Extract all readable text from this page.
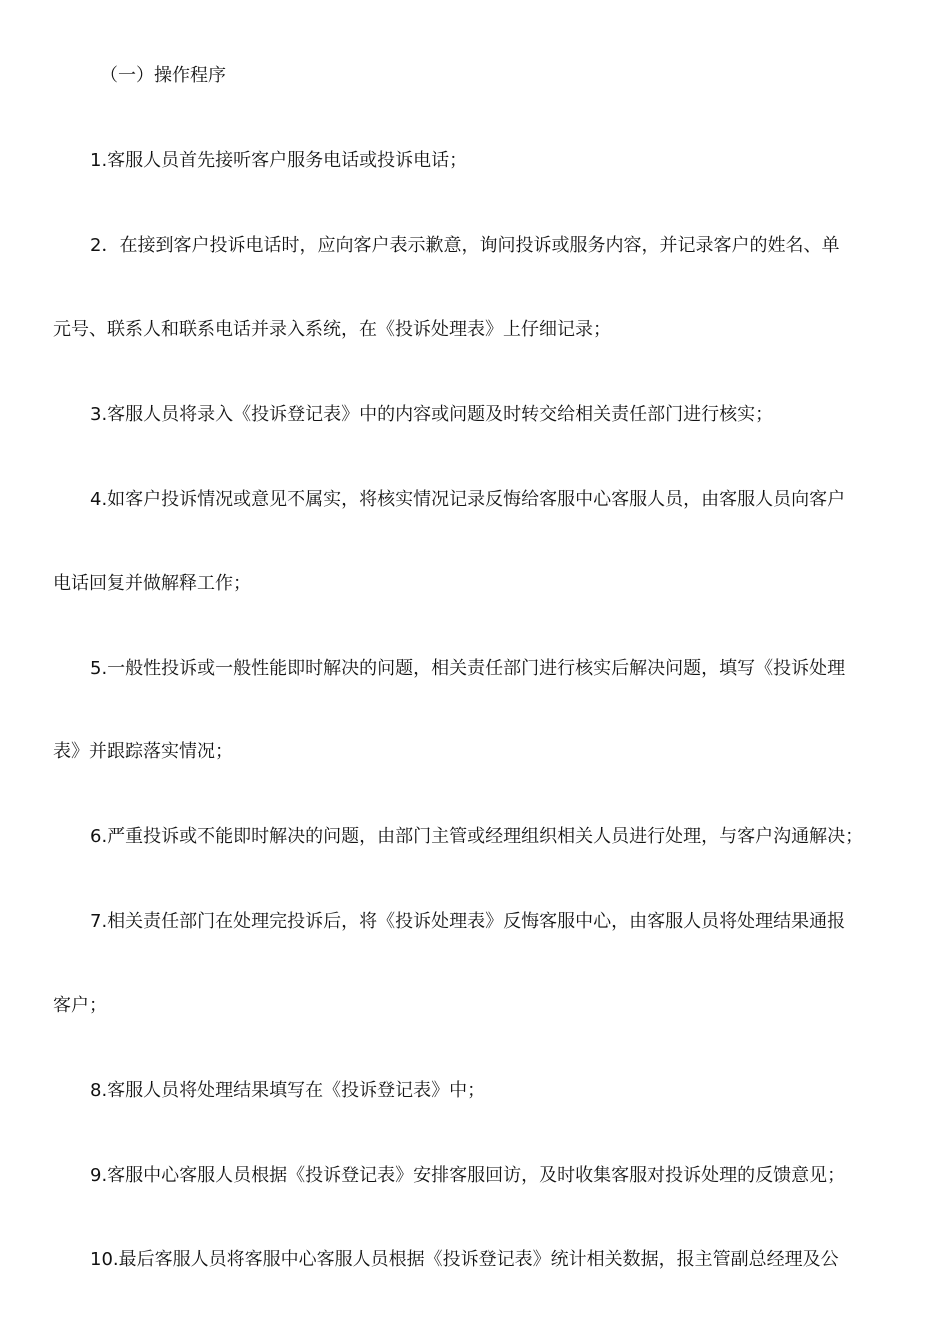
（一）操作程序
1.客服人员首先接听客户服务电话或投诉电话；
2．在接到客户投诉电话时，应向客户表示歉意，询问投诉或服务内容，并记录客户的姓名、单
元号、联系人和联系电话并录入系统，在《投诉处理表》上仔细记录；
3.客服人员将录入《投诉登记表》中的内容或问题及时转交给相关责任部门进行核实；
4.如客户投诉情况或意见不属实，将核实情况记录反悔给客服中心客服人员，由客服人员向客户
电话回复并做解释工作；
5.一般性投诉或一般性能即时解决的问题，相关责任部门进行核实后解决问题，填写《投诉处理
表》并跟踪落实情况；
6.严重投诉或不能即时解决的问题，由部门主管或经理组织相关人员进行处理，与客户沟通解决；
7.相关责任部门在处理完投诉后，将《投诉处理表》反悔客服中心，由客服人员将处理结果通报
客户；
8.客服人员将处理结果填写在《投诉登记表》中；
9.客服中心客服人员根据《投诉登记表》安排客服回访，及时收集客服对投诉处理的反馈意见；
10.最后客服人员将客服中心客服人员根据《投诉登记表》统计相关数据，报主管副总经理及公
